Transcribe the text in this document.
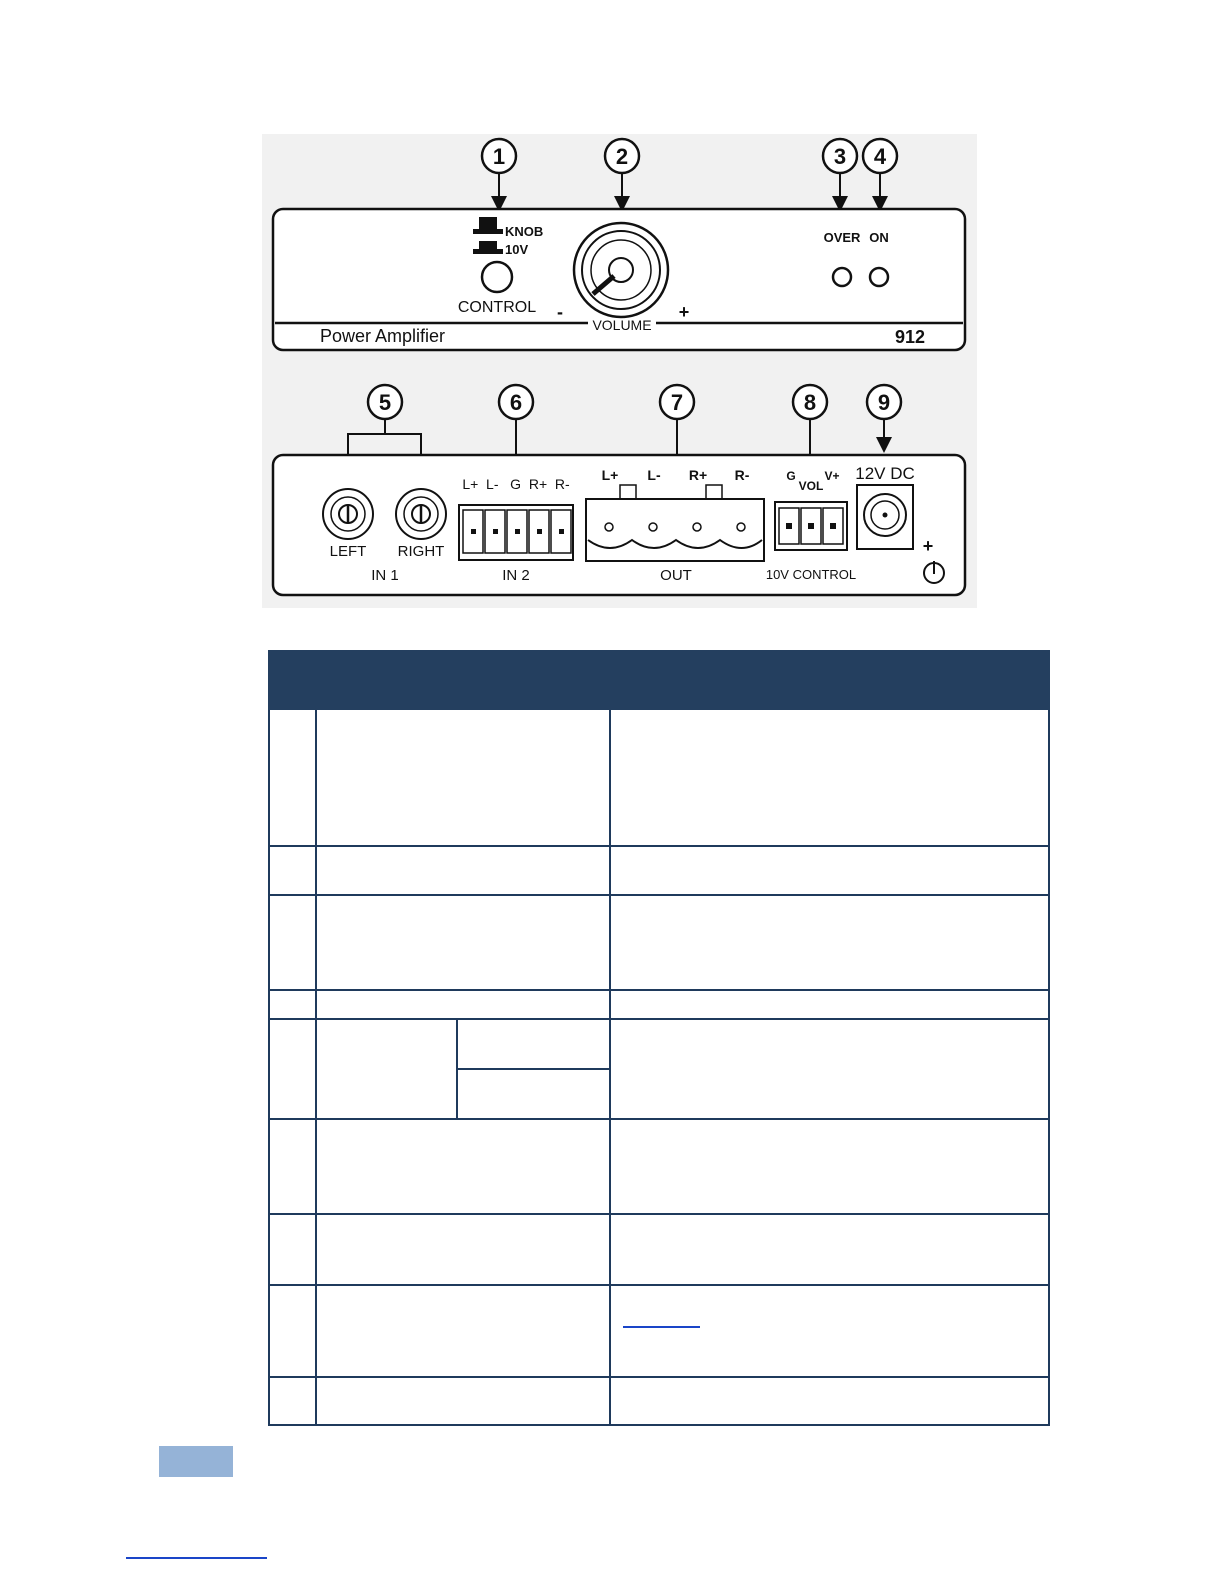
1	2	3 4
KNOB
10V
CONTROL -
VOLUME
+
OVER ON
Power Amplifier	912
5	6	7	8	9
LEFT RIGHT
IN 1
L+  L-   G  R+  R-
IN 2
L+ L- R+ R-
OUT
G
VOL
V+
10V CONTROL
12V DC
+
